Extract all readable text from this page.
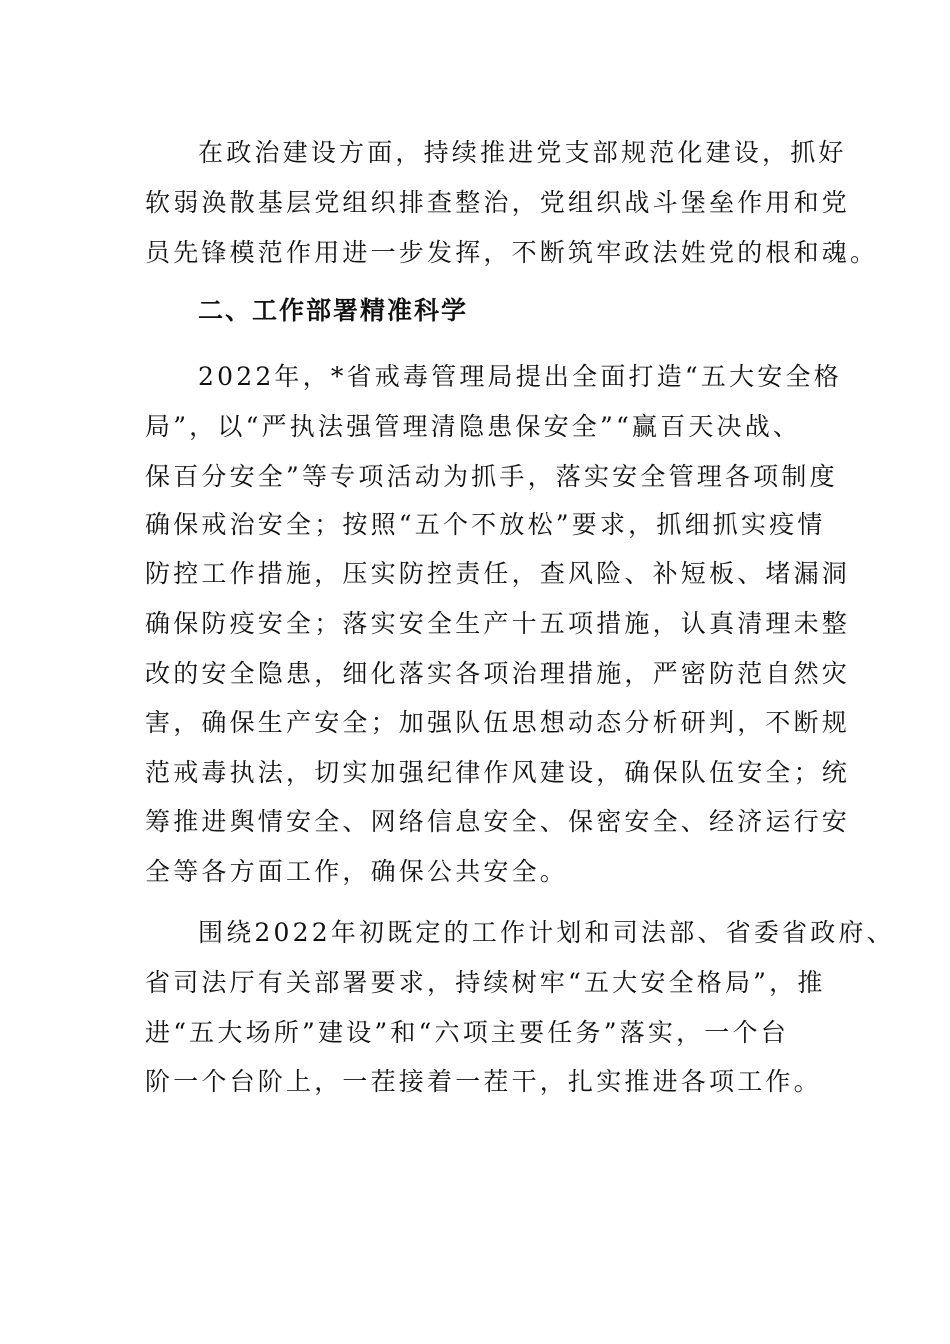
在政治建设方面，持续推进党支部规范化建设，抓好
软弱涣散基层党组织排查整治，党组织战斗堡垒作用和党
员先锋模范作用进一步发挥，不断筑牢政法姓党的根和魂。
二、工作部署精准科学
2022年，*省戒毒管理局提出全面打造“五大安全格
局”，以“严执法强管理清隐患保安全”“赢百天决战、
保百分安全”等专项活动为抓手，落实安全管理各项制度
确保戒治安全；按照“五个不放松”要求，抓细抓实疫情
防控工作措施，压实防控责任，查风险、补短板、堵漏洞
确保防疫安全；落实安全生产十五项措施，认真清理未整
改的安全隐患，细化落实各项治理措施，严密防范自然灾
害，确保生产安全；加强队伍思想动态分析研判，不断规
范戒毒执法，切实加强纪律作风建设，确保队伍安全；统
筹推进舆情安全、网络信息安全、保密安全、经济运行安
全等各方面工作，确保公共安全。
围绕2022年初既定的工作计划和司法部、省委省政府、
省司法厅有关部署要求，持续树牢“五大安全格局”，推
进“五大场所”建设”和“六项主要任务”落实，一个台
阶一个台阶上，一茬接着一茬干，扎实推进各项工作。
